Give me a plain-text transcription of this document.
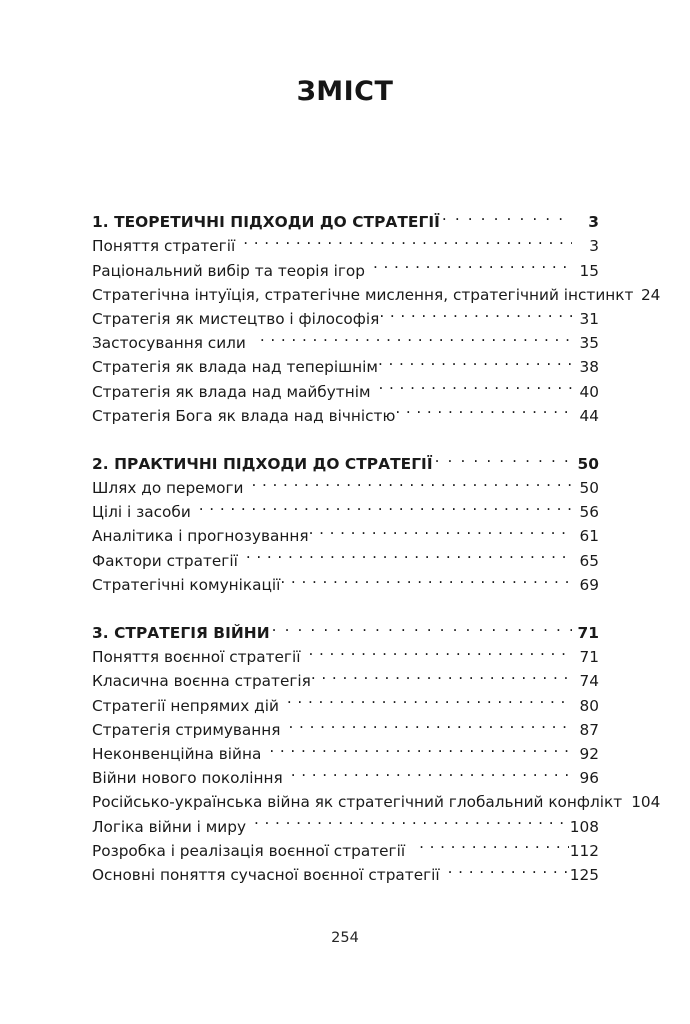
ЗМІСТ
1. ТЕОРЕТИЧНІ ПІДХОДИ ДО СТРАТЕГІЇ . . .	3
Поняття стратегії . . .	3
Раціональний вибір та теорія ігор . . .	15
Стратегічна інтуїція, стратегічне мислення, стратегічний інстинкт 24
Стратегія як мистецтво і філософія . . .	31
Застосування сили . . .	35
Стратегія як влада над теперішнім . . .	38
Стратегія як влада над майбутнім . . .	40
Стратегія Бога як влада над вічністю . . .	44
2. ПРАКТИЧНІ ПІДХОДИ ДО СТРАТЕГІЇ . . .	50
Шлях до перемоги . . .	50
Цілі і засоби . . .	56
Аналітика і прогнозування . . .	61
Фактори стратегії . . .	65
Стратегічні комунікації . . .	69
3. СТРАТЕГІЯ ВІЙНИ . . .	71
Поняття воєнної стратегії . . .	71
Класична воєнна стратегія . . .	74
Стратегії непрямих дій . . .	80
Стратегія стримування . . .	87
Неконвенційна війна . . .	92
Війни нового покоління . . .	96
Російсько-українська війна як стратегічний глобальний конфлікт 104
Логіка війни і миру . . .	108
Розробка і реалізація воєнної стратегії . . .	112
Основні поняття сучасної воєнної стратегії . . .	125
254
